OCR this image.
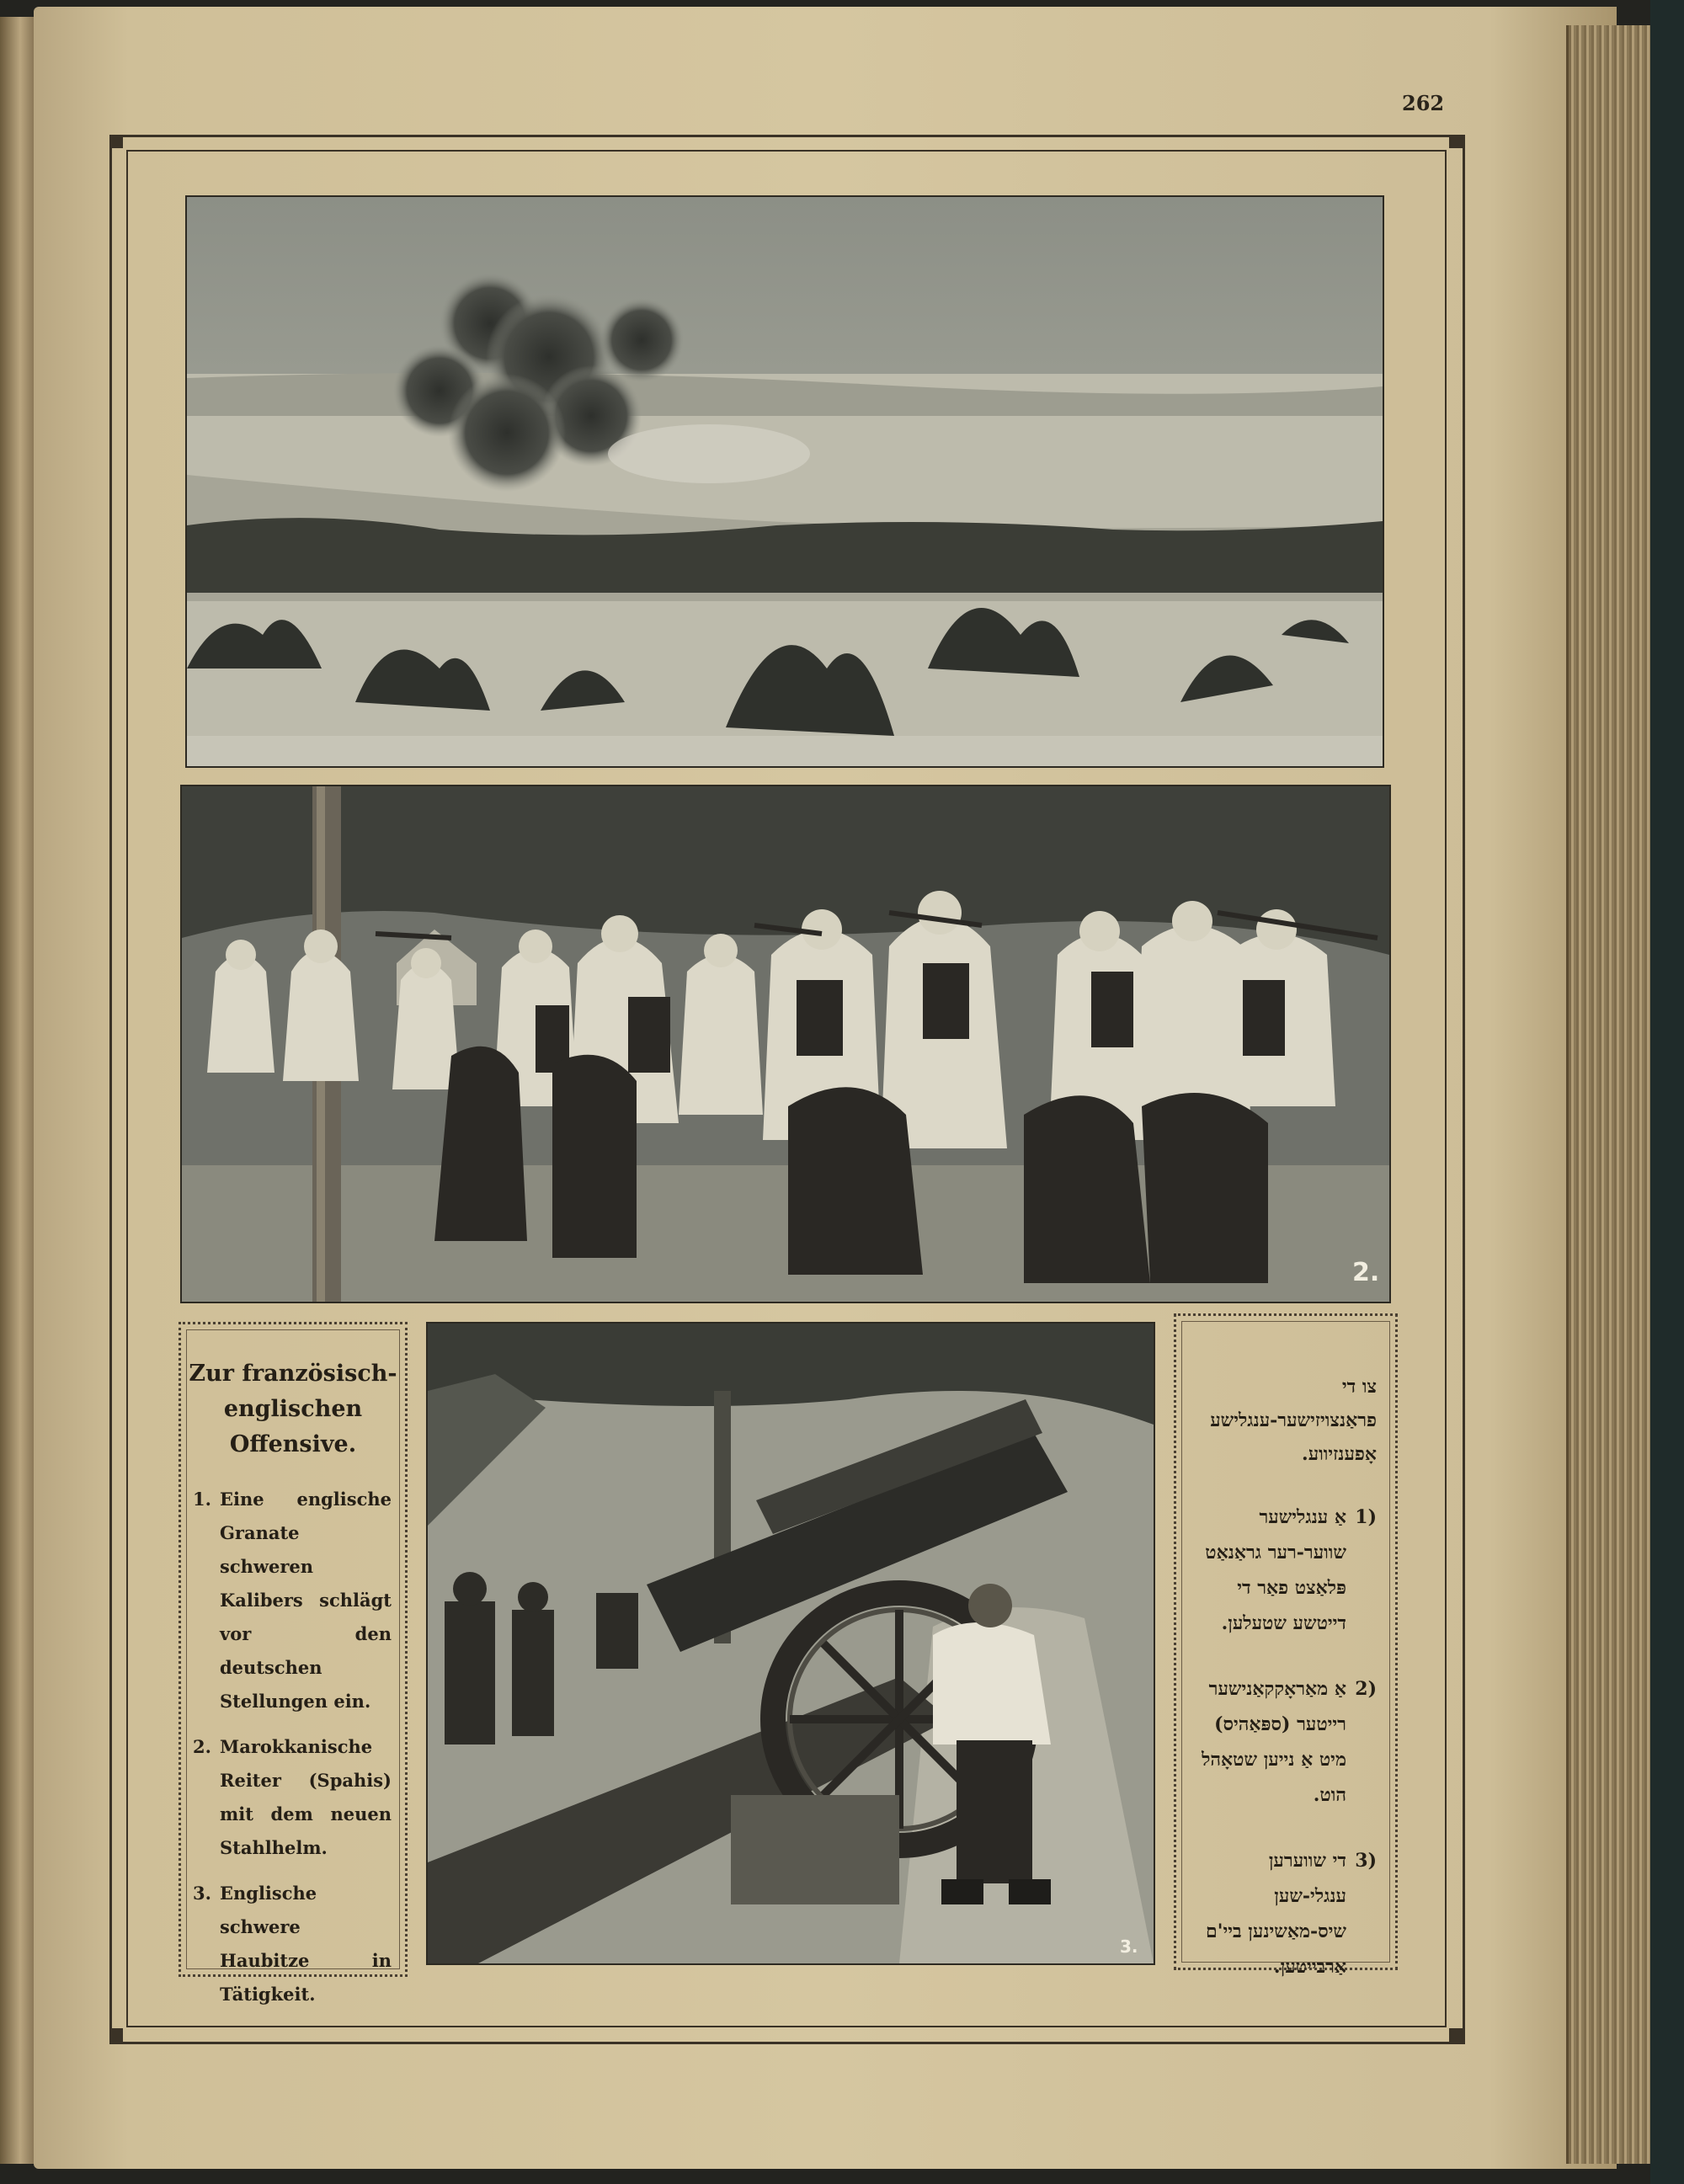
262
2.
3.
Zur französisch-englischen Offensive.
1. Eine englische Granate schweren Kalibers schlägt vor den deutschen Stellungen ein.
2. Marokkanische Reiter (Spahis) mit dem neuen Stahlhelm.
3. Englische schwere Haubitze in Tätigkeit.
צו די פראַנצויזישער-ענגלישע אָפענזיווע.
(1
אַ ענגלישער שווער-רער גראַנאַט פּלאַצט פאַר די דייטשע שטעלען.
(2
אַ מאַראָקקאַנישער רייטער (ספּאַהיס) מיט אַ נייען שטאָהל הוט.
(3
די שווערען ענגלי-שען שיס-מאַשינען ביי'ם אַרבייטען.
